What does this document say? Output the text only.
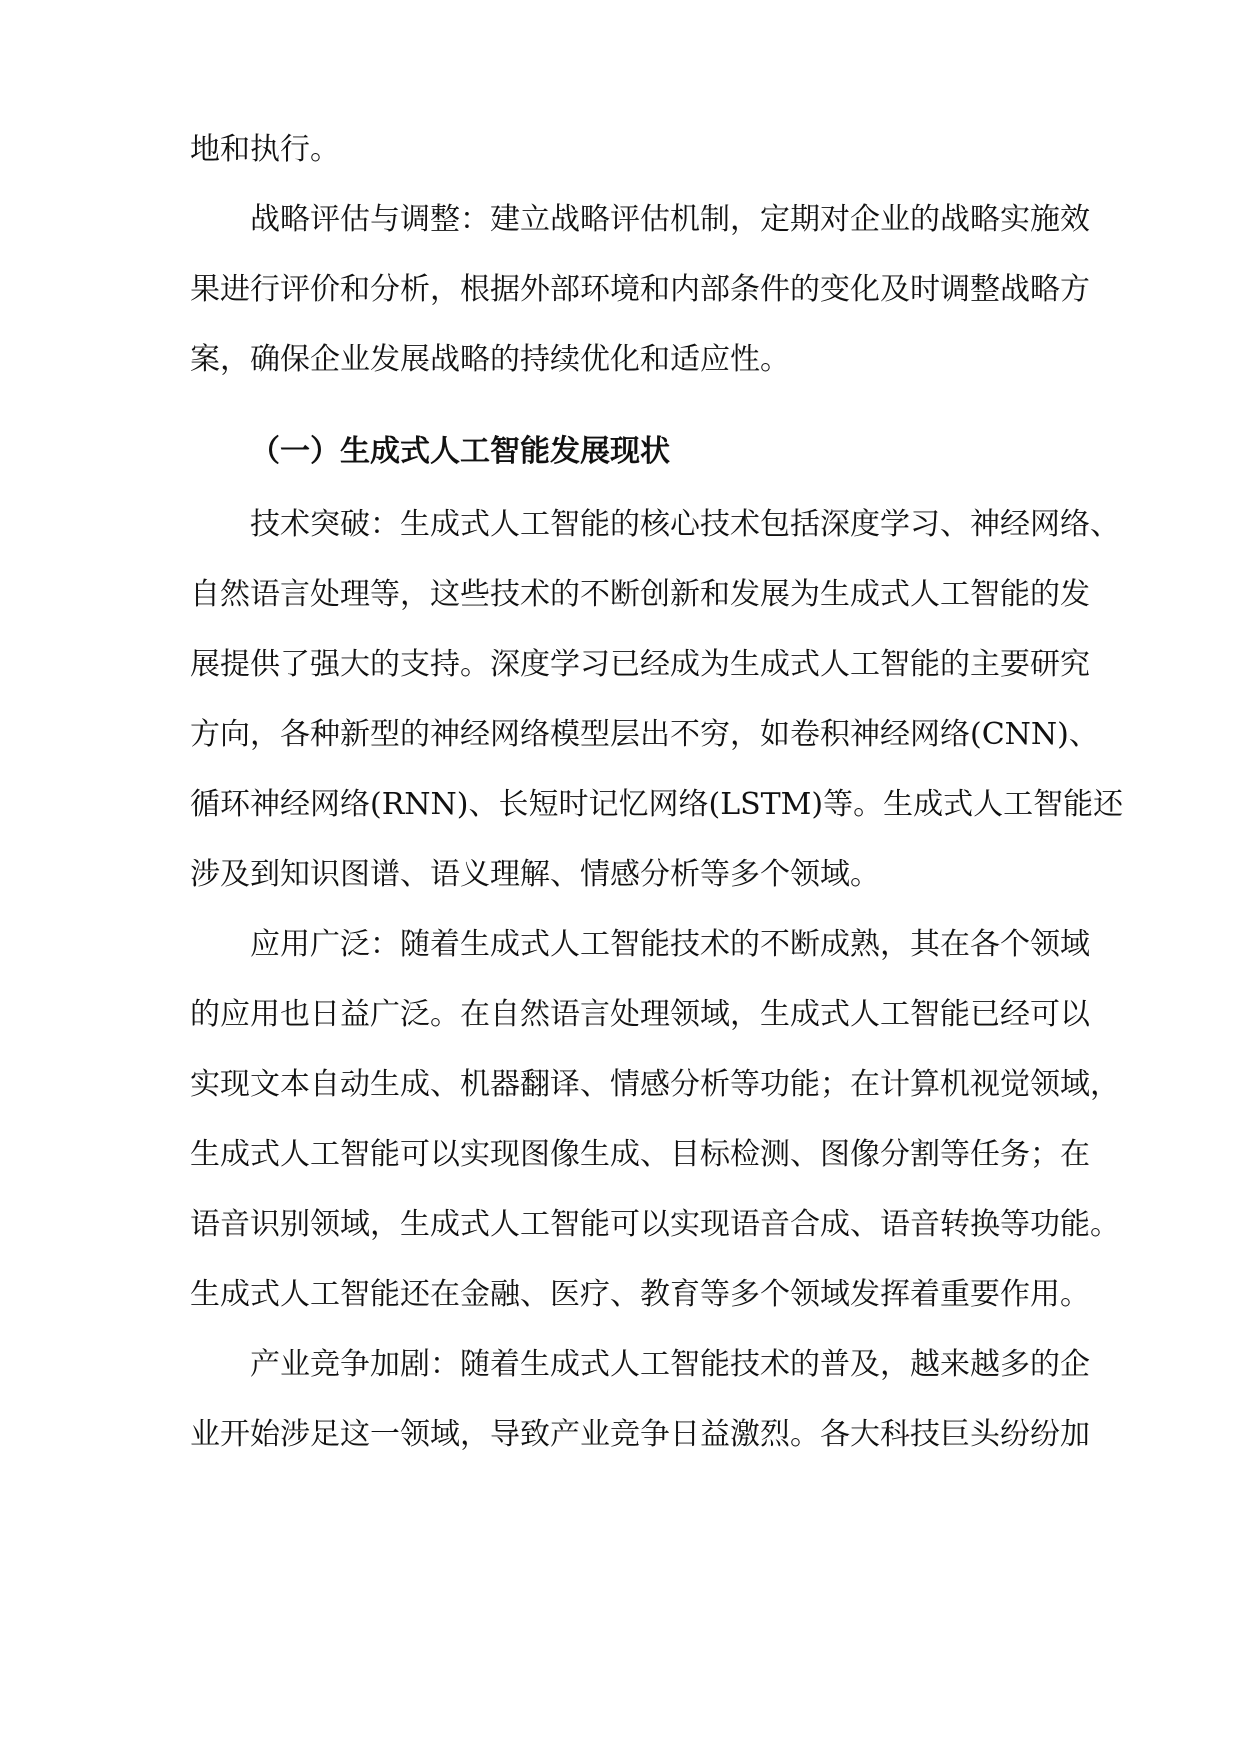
地和执行。
战略评估与调整：建立战略评估机制，定期对企业的战略实施效
果进行评价和分析，根据外部环境和内部条件的变化及时调整战略方
案，确保企业发展战略的持续优化和适应性。
（一）生成式人工智能发展现状
技术突破：生成式人工智能的核心技术包括深度学习、神经网络、
自然语言处理等，这些技术的不断创新和发展为生成式人工智能的发
展提供了强大的支持。深度学习已经成为生成式人工智能的主要研究
方向，各种新型的神经网络模型层出不穷，如卷积神经网络(CNN)、
循环神经网络(RNN)、长短时记忆网络(LSTM)等。生成式人工智能还
涉及到知识图谱、语义理解、情感分析等多个领域。
应用广泛：随着生成式人工智能技术的不断成熟，其在各个领域
的应用也日益广泛。在自然语言处理领域，生成式人工智能已经可以
实现文本自动生成、机器翻译、情感分析等功能；在计算机视觉领域，
生成式人工智能可以实现图像生成、目标检测、图像分割等任务；在
语音识别领域，生成式人工智能可以实现语音合成、语音转换等功能。
生成式人工智能还在金融、医疗、教育等多个领域发挥着重要作用。
产业竞争加剧：随着生成式人工智能技术的普及，越来越多的企
业开始涉足这一领域，导致产业竞争日益激烈。各大科技巨头纷纷加
